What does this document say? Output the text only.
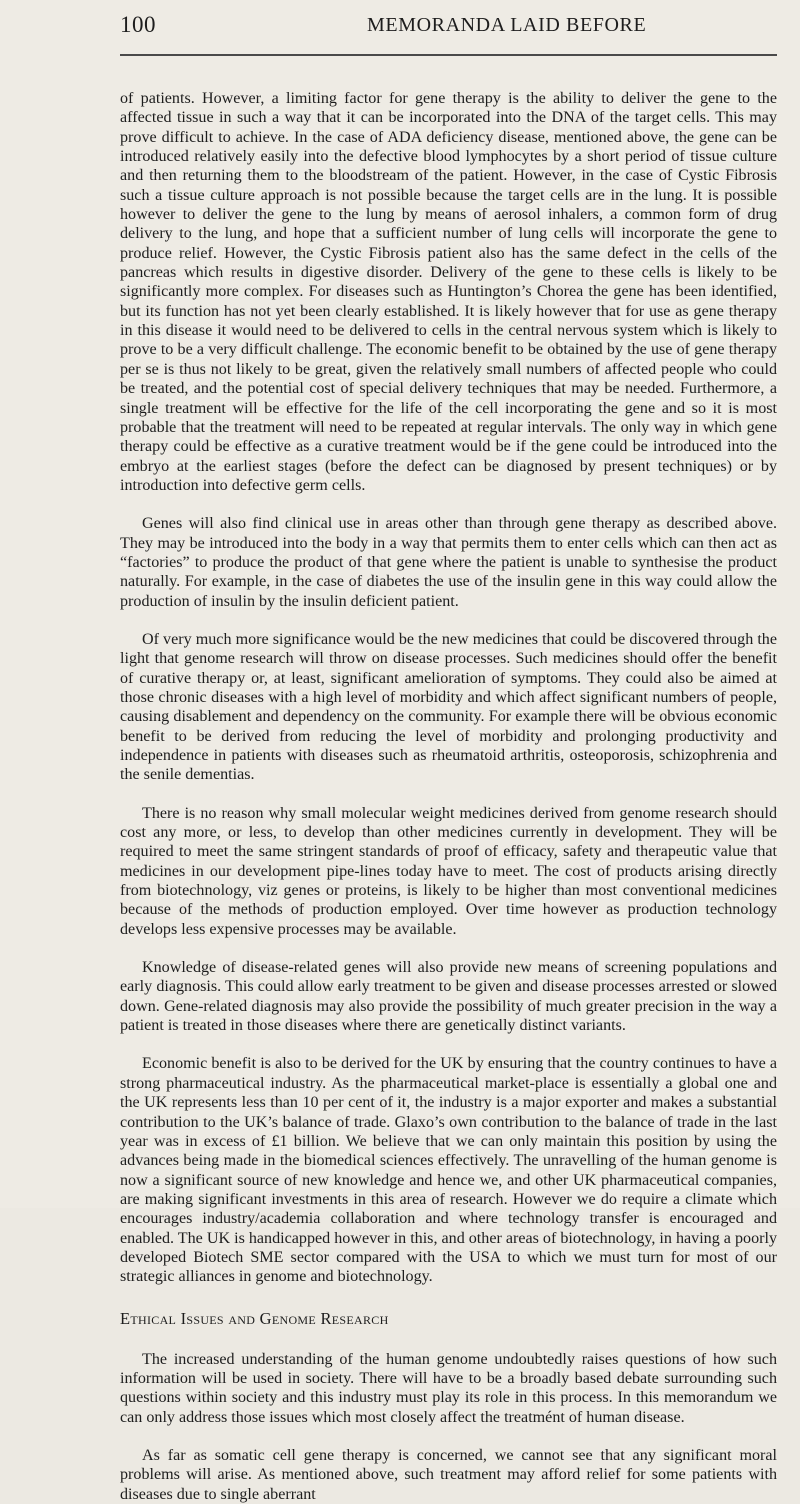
100	MEMORANDA LAID BEFORE

of patients. However, a limiting factor for gene therapy is the ability to deliver the gene to the affected tissue in such a way that it can be incorporated into the DNA of the target cells. This may prove difficult to achieve. In the case of ADA deficiency disease, mentioned above, the gene can be introduced relatively easily into the defective blood lymphocytes by a short period of tissue culture and then returning them to the bloodstream of the patient. However, in the case of Cystic Fibrosis such a tissue culture approach is not possible because the target cells are in the lung. It is possible however to deliver the gene to the lung by means of aerosol inhalers, a common form of drug delivery to the lung, and hope that a sufficient number of lung cells will incorporate the gene to produce relief. However, the Cystic Fibrosis patient also has the same defect in the cells of the pancreas which results in digestive disorder. Delivery of the gene to these cells is likely to be significantly more complex. For diseases such as Huntington’s Chorea the gene has been identified, but its function has not yet been clearly established. It is likely however that for use as gene therapy in this disease it would need to be delivered to cells in the central nervous system which is likely to prove to be a very difficult challenge. The economic benefit to be obtained by the use of gene therapy per se is thus not likely to be great, given the relatively small numbers of affected people who could be treated, and the potential cost of special delivery techniques that may be needed. Furthermore, a single treatment will be effective for the life of the cell incorporating the gene and so it is most probable that the treatment will need to be repeated at regular intervals. The only way in which gene therapy could be effective as a curative treatment would be if the gene could be introduced into the embryo at the earliest stages (before the defect can be diagnosed by present techniques) or by introduction into defective germ cells.

Genes will also find clinical use in areas other than through gene therapy as described above. They may be introduced into the body in a way that permits them to enter cells which can then act as “factories” to produce the product of that gene where the patient is unable to synthesise the product naturally. For example, in the case of diabetes the use of the insulin gene in this way could allow the production of insulin by the insulin deficient patient.

Of very much more significance would be the new medicines that could be discovered through the light that genome research will throw on disease processes. Such medicines should offer the benefit of curative therapy or, at least, significant amelioration of symptoms. They could also be aimed at those chronic diseases with a high level of morbidity and which affect significant numbers of people, causing disablement and dependency on the community. For example there will be obvious economic benefit to be derived from reducing the level of morbidity and prolonging productivity and independence in patients with diseases such as rheumatoid arthritis, osteoporosis, schizophrenia and the senile dementias.

There is no reason why small molecular weight medicines derived from genome research should cost any more, or less, to develop than other medicines currently in development. They will be required to meet the same stringent standards of proof of efficacy, safety and therapeutic value that medicines in our development pipe-lines today have to meet. The cost of products arising directly from biotechnology, viz genes or proteins, is likely to be higher than most conventional medicines because of the methods of production employed. Over time however as production technology develops less expensive processes may be available.

Knowledge of disease-related genes will also provide new means of screening populations and early diagnosis. This could allow early treatment to be given and disease processes arrested or slowed down. Gene-related diagnosis may also provide the possibility of much greater precision in the way a patient is treated in those diseases where there are genetically distinct variants.

Economic benefit is also to be derived for the UK by ensuring that the country continues to have a strong pharmaceutical industry. As the pharmaceutical market-place is essentially a global one and the UK represents less than 10 per cent of it, the industry is a major exporter and makes a substantial contribution to the UK’s balance of trade. Glaxo’s own contribution to the balance of trade in the last year was in excess of £1 billion. We believe that we can only maintain this position by using the advances being made in the biomedical sciences effectively. The unravelling of the human genome is now a significant source of new knowledge and hence we, and other UK pharmaceutical companies, are making significant investments in this area of research. However we do require a climate which encourages industry/academia collaboration and where technology transfer is encouraged and enabled. The UK is handicapped however in this, and other areas of biotechnology, in having a poorly developed Biotech SME sector compared with the USA to which we must turn for most of our strategic alliances in genome and biotechnology.

Ethical Issues and Genome Research

The increased understanding of the human genome undoubtedly raises questions of how such information will be used in society. There will have to be a broadly based debate surrounding such questions within society and this industry must play its role in this process. In this memorandum we can only address those issues which most closely affect the treatmént of human disease.

As far as somatic cell gene therapy is concerned, we cannot see that any significant moral problems will arise. As mentioned above, such treatment may afford relief for some patients with diseases due to single aberrant
